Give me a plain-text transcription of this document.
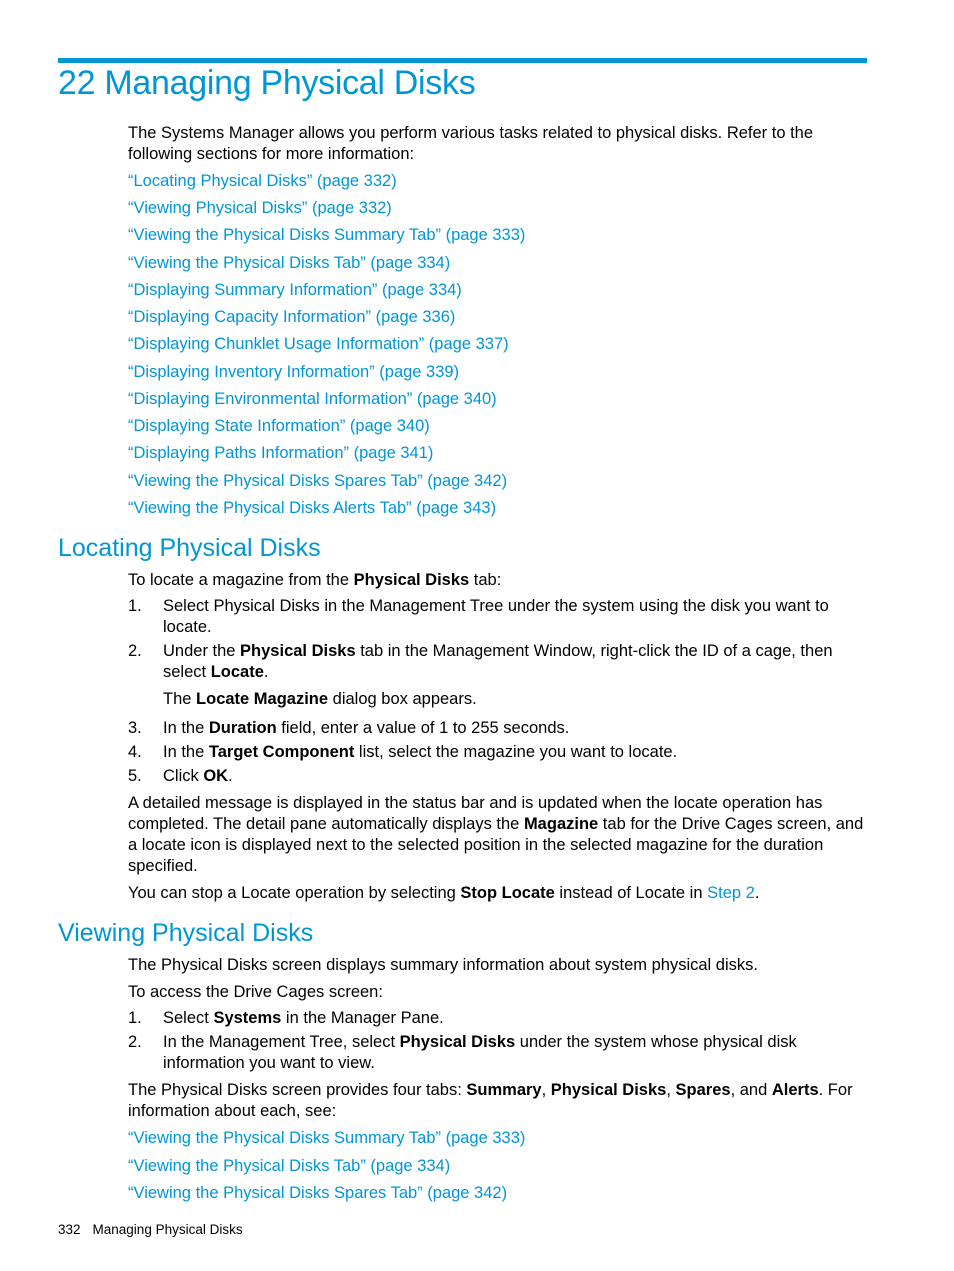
22 Managing Physical Disks

The Systems Manager allows you perform various tasks related to physical disks. Refer to the following sections for more information:

“Locating Physical Disks” (page 332)
“Viewing Physical Disks” (page 332)
“Viewing the Physical Disks Summary Tab” (page 333)
“Viewing the Physical Disks Tab” (page 334)
“Displaying Summary Information” (page 334)
“Displaying Capacity Information” (page 336)
“Displaying Chunklet Usage Information” (page 337)
“Displaying Inventory Information” (page 339)
“Displaying Environmental Information” (page 340)
“Displaying State Information” (page 340)
“Displaying Paths Information” (page 341)
“Viewing the Physical Disks Spares Tab” (page 342)
“Viewing the Physical Disks Alerts Tab” (page 343)
Locating Physical Disks

To locate a magazine from the Physical Disks tab:

1. Select Physical Disks in the Management Tree under the system using the disk you want to locate.
2. Under the Physical Disks tab in the Management Window, right-click the ID of a cage, then select Locate.
The Locate Magazine dialog box appears.
3. In the Duration field, enter a value of 1 to 255 seconds.
4. In the Target Component list, select the magazine you want to locate.
5. Click OK.

A detailed message is displayed in the status bar and is updated when the locate operation has completed. The detail pane automatically displays the Magazine tab for the Drive Cages screen, and a locate icon is displayed next to the selected position in the selected magazine for the duration specified.

You can stop a Locate operation by selecting Stop Locate instead of Locate in Step 2.

Viewing Physical Disks

The Physical Disks screen displays summary information about system physical disks.

To access the Drive Cages screen:

1. Select Systems in the Manager Pane.
2. In the Management Tree, select Physical Disks under the system whose physical disk information you want to view.

The Physical Disks screen provides four tabs: Summary, Physical Disks, Spares, and Alerts. For information about each, see:

“Viewing the Physical Disks Summary Tab” (page 333)
“Viewing the Physical Disks Tab” (page 334)
“Viewing the Physical Disks Spares Tab” (page 342)
332 Managing Physical Disks
